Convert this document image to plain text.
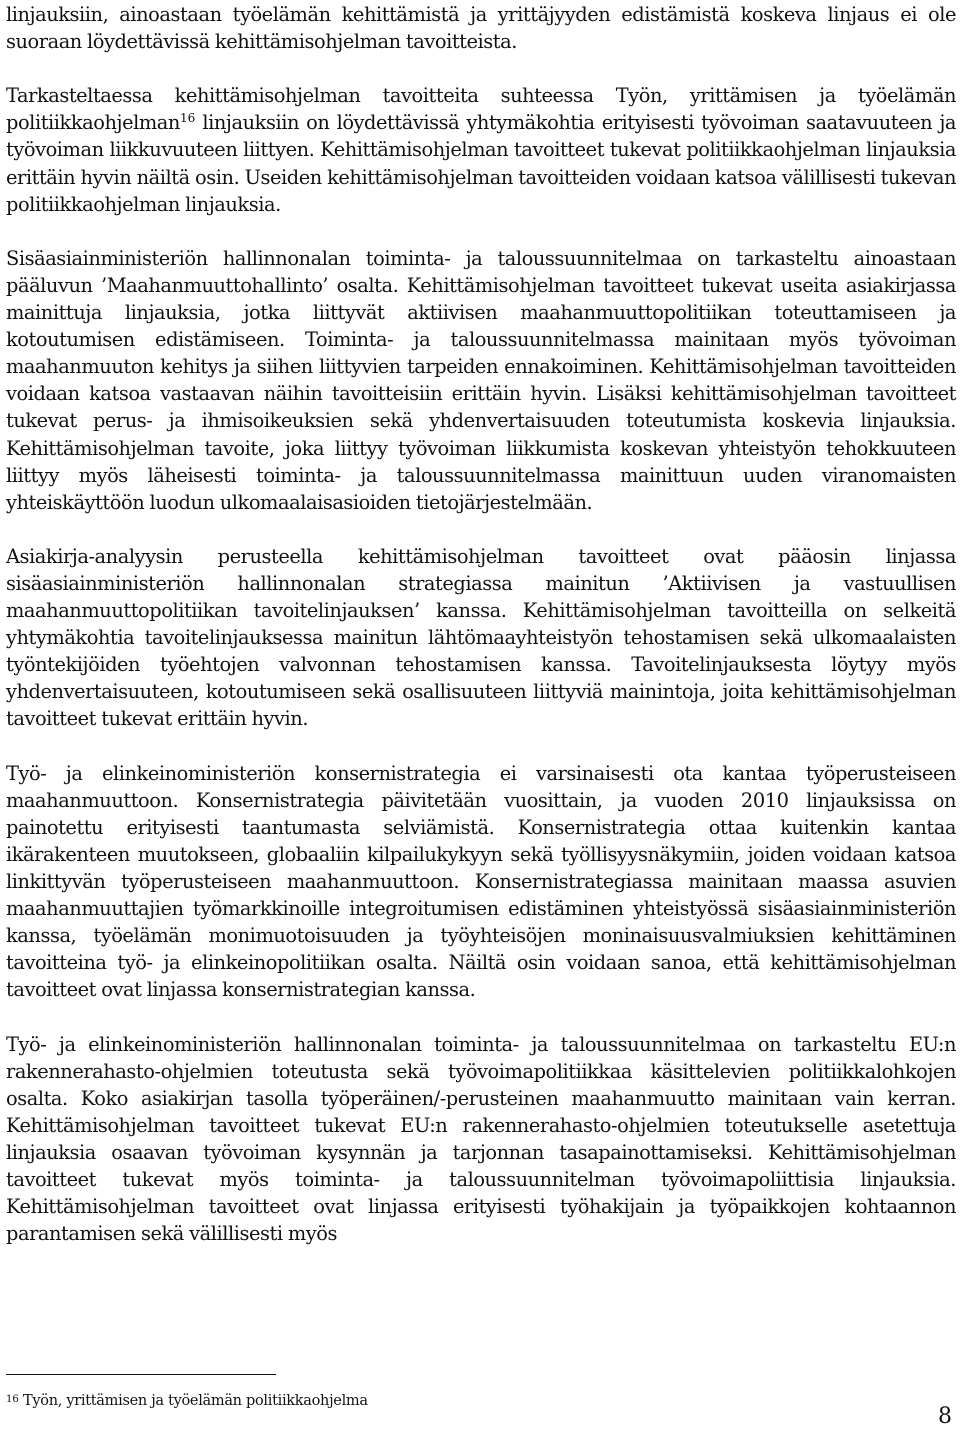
linjauksiin, ainoastaan työelämän kehittämistä ja yrittäjyyden edistämistä koskeva linjaus ei ole suoraan löydettävissä kehittämisohjelman tavoitteista.

Tarkasteltaessa kehittämisohjelman tavoitteita suhteessa Työn, yrittämisen ja työelämän politiikkaohjelman$^{16}$ linjauksiin on löydettävissä yhtymäkohtia erityisesti työvoiman saatavuuteen ja työvoiman liikkuvuuteen liittyen. Kehittämisohjelman tavoitteet tukevat politiikkaohjelman linjauksia erittäin hyvin näiltä osin. Useiden kehittämisohjelman tavoitteiden voidaan katsoa välillisesti tukevan politiikkaohjelman linjauksia.

Sisäasiainministeriön hallinnonalan toiminta- ja taloussuunnitelmaa on tarkasteltu ainoastaan pääluvun ’Maahanmuuttohallinto’ osalta. Kehittämisohjelman tavoitteet tukevat useita asiakirjassa mainittuja linjauksia, jotka liittyvät aktiivisen maahanmuuttopolitiikan toteuttamiseen ja kotoutumisen edistämiseen. Toiminta- ja taloussuunnitelmassa mainitaan myös työvoiman maahanmuuton kehitys ja siihen liittyvien tarpeiden ennakoiminen. Kehittämisohjelman tavoitteiden voidaan katsoa vastaavan näihin tavoitteisiin erittäin hyvin. Lisäksi kehittämisohjelman tavoitteet tukevat perus- ja ihmisoikeuksien sekä yhdenvertaisuuden toteutumista koskevia linjauksia. Kehittämisohjelman tavoite, joka liittyy työvoiman liikkumista koskevan yhteistyön tehokkuuteen liittyy myös läheisesti toiminta- ja taloussuunnitelmassa mainittuun uuden viranomaisten yhteiskäyttöön luodun ulkomaalaisasioiden tietojärjestelmään.

Asiakirja-analyysin perusteella kehittämisohjelman tavoitteet ovat pääosin linjassa sisäasiainministeriön hallinnonalan strategiassa mainitun ’Aktiivisen ja vastuullisen maahanmuuttopolitiikan tavoitelinjauksen’ kanssa. Kehittämisohjelman tavoitteilla on selkeitä yhtymäkohtia tavoitelinjauksessa mainitun lähtömaayhteistyön tehostamisen sekä ulkomaalaisten työntekijöiden työehtojen valvonnan tehostamisen kanssa. Tavoitelinjauksesta löytyy myös yhdenvertaisuuteen, kotoutumiseen sekä osallisuuteen liittyviä mainintoja, joita kehittämisohjelman tavoitteet tukevat erittäin hyvin.

Työ- ja elinkeinoministeriön konsernistrategia ei varsinaisesti ota kantaa työperusteiseen maahanmuuttoon. Konsernistrategia päivitetään vuosittain, ja vuoden 2010 linjauksissa on painotettu erityisesti taantumasta selviämistä. Konsernistrategia ottaa kuitenkin kantaa ikärakenteen muutokseen, globaaliin kilpailukykyyn sekä työllisyysnäkymiin, joiden voidaan katsoa linkittyvän työperusteiseen maahanmuuttoon. Konsernistrategiassa mainitaan maassa asuvien maahanmuuttajien työmarkkinoille integroitumisen edistäminen yhteistyössä sisäasiainministeriön kanssa, työelämän monimuotoisuuden ja työyhteisöjen moninaisuusvalmiuksien kehittäminen tavoitteina työ- ja elinkeinopolitiikan osalta. Näiltä osin voidaan sanoa, että kehittämisohjelman tavoitteet ovat linjassa konsernistrategian kanssa.

Työ- ja elinkeinoministeriön hallinnonalan toiminta- ja taloussuunnitelmaa on tarkasteltu EU:n rakennerahasto-ohjelmien toteutusta sekä työvoimapolitiikkaa käsittelevien politiikkalohkojen osalta. Koko asiakirjan tasolla työperäinen/-perusteinen maahanmuutto mainitaan vain kerran. Kehittämisohjelman tavoitteet tukevat EU:n rakennerahasto-ohjelmien toteutukselle asetettuja linjauksia osaavan työvoiman kysynnän ja tarjonnan tasapainottamiseksi. Kehittämisohjelman tavoitteet tukevat myös toiminta- ja taloussuunnitelman työvoimapoliittisia linjauksia. Kehittämisohjelman tavoitteet ovat linjassa erityisesti työhakijain ja työpaikkojen kohtaannon parantamisen sekä välillisesti myös

$^{16}$ Työn, yrittämisen ja työelämän politiikkaohjelma
8
